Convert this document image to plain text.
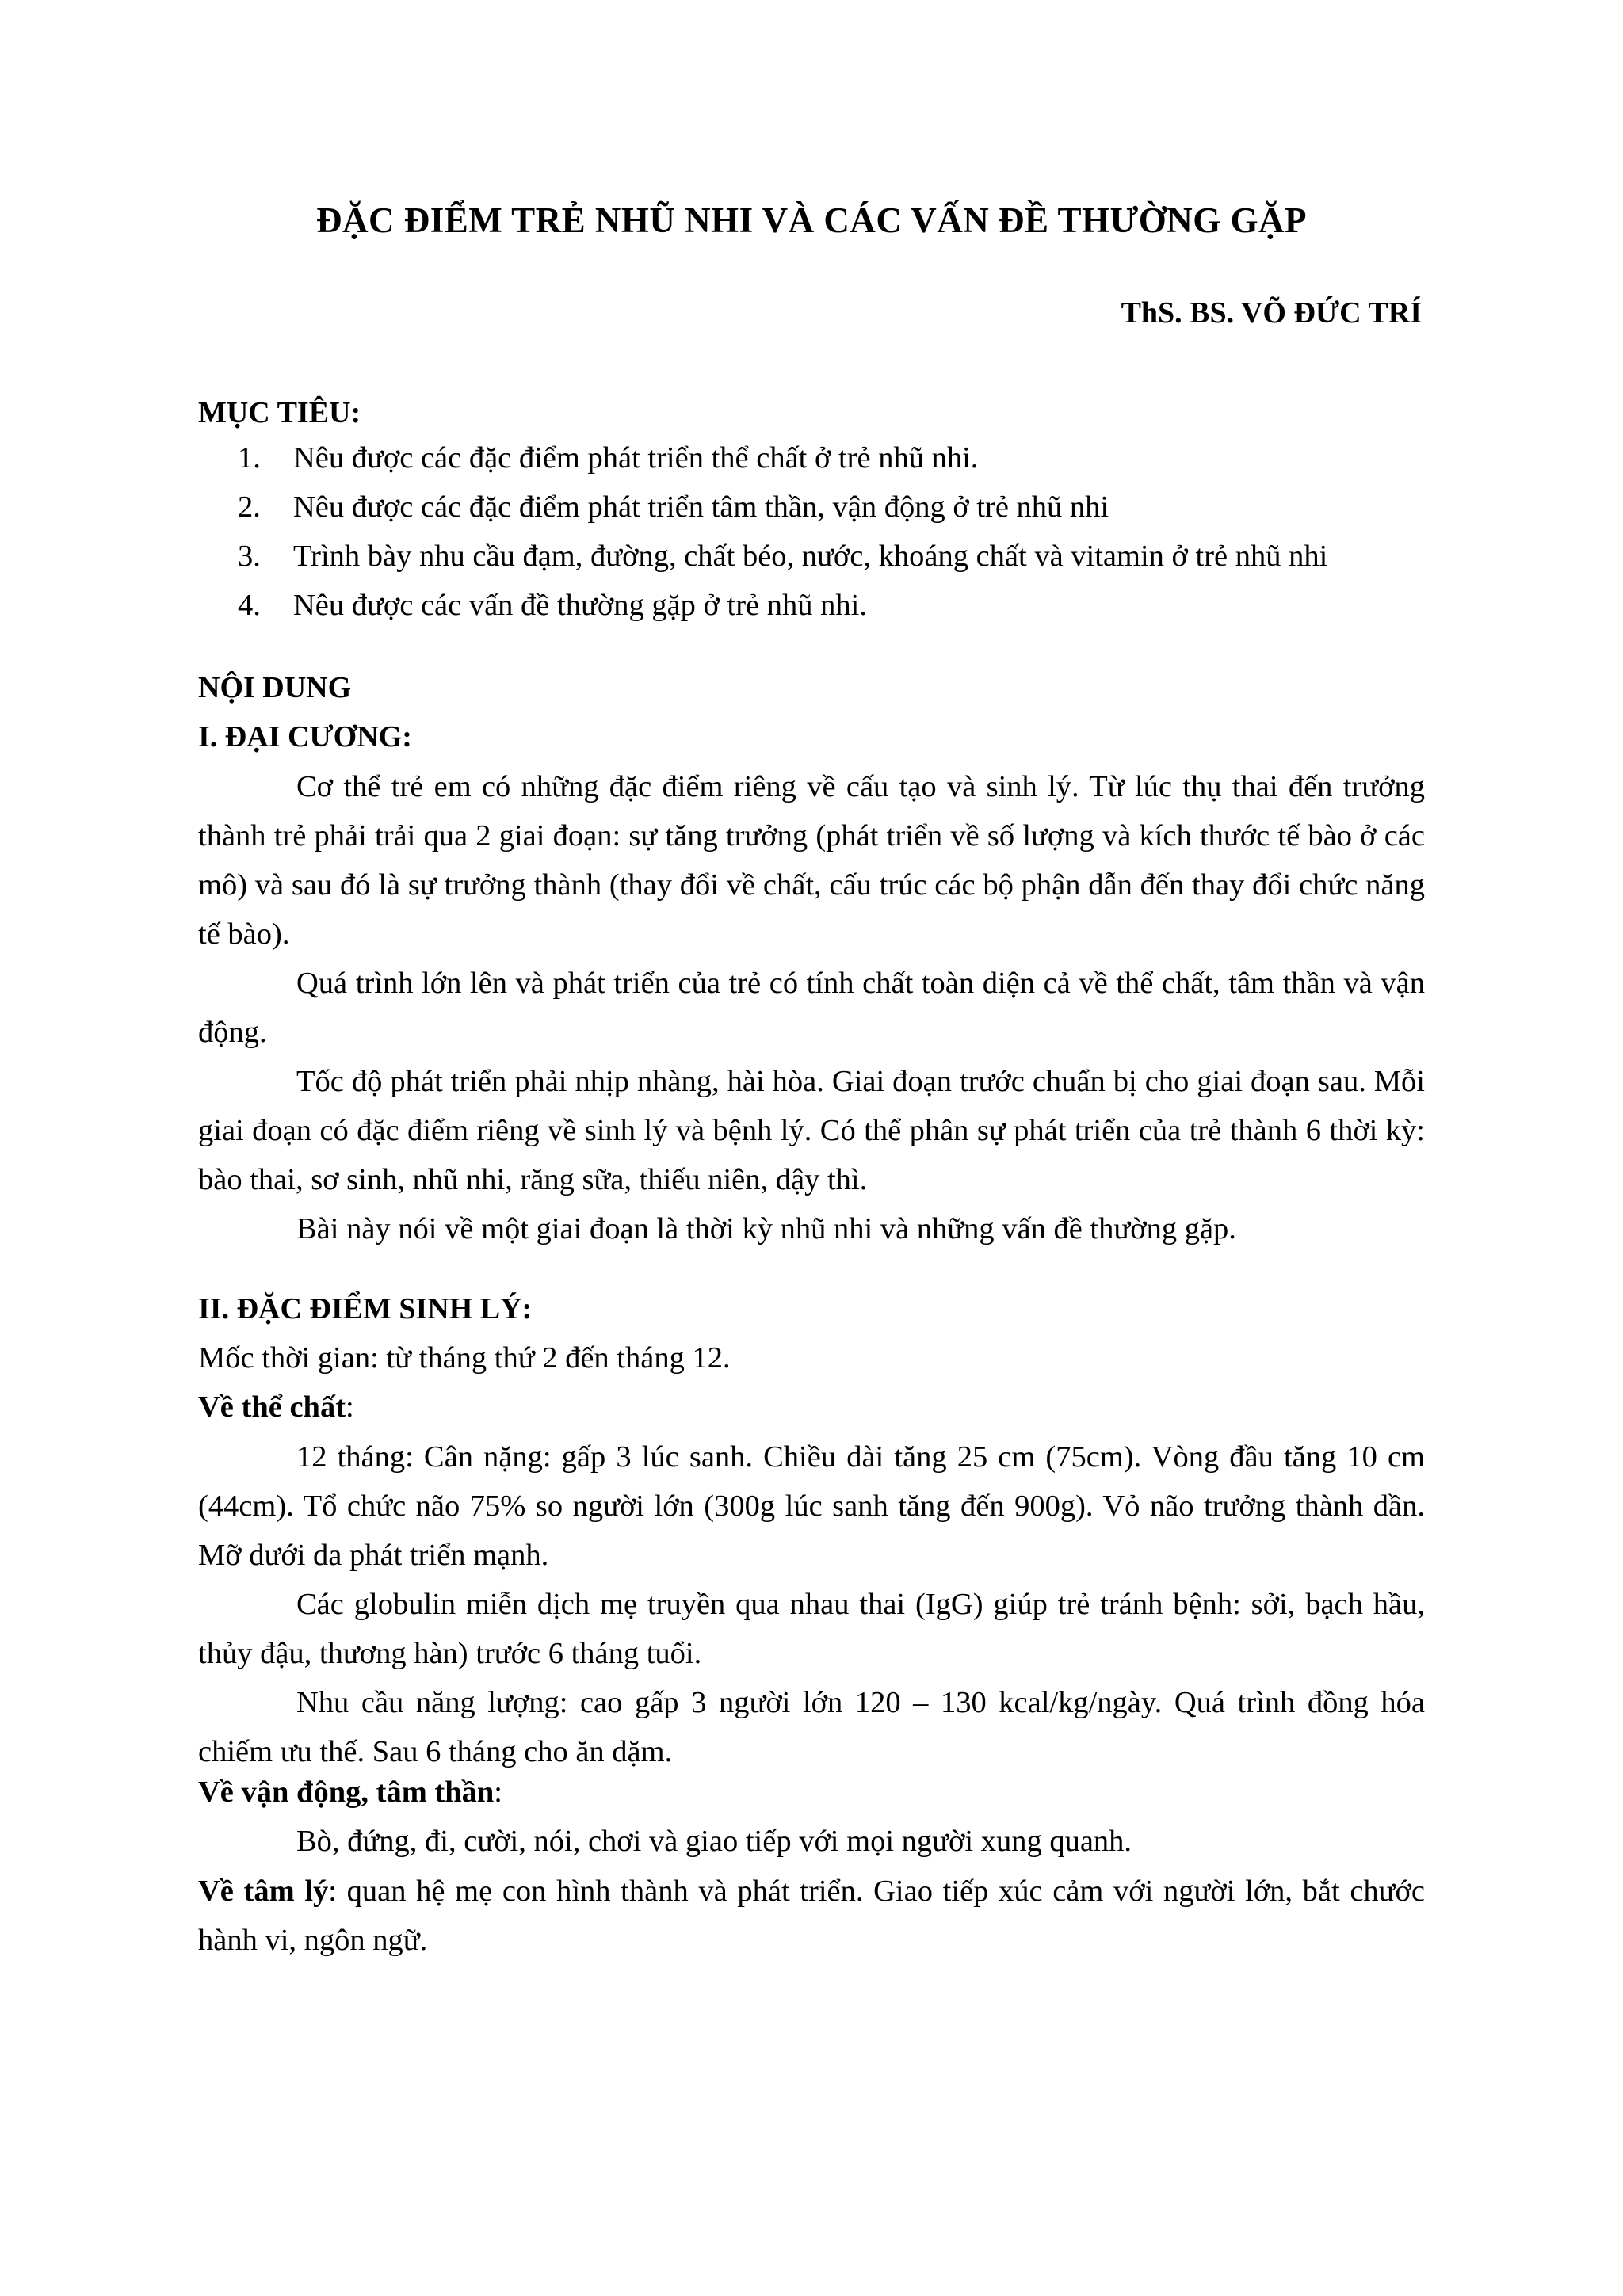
ĐẶC ĐIỂM TRẺ NHŨ NHI VÀ CÁC VẤN ĐỀ THƯỜNG GẶP
ThS. BS. VÕ ĐỨC TRÍ
MỤC TIÊU:
1. Nêu được các đặc điểm phát triển thể chất ở trẻ nhũ nhi.
2. Nêu được các đặc điểm phát triển tâm thần, vận động ở trẻ nhũ nhi
3. Trình bày nhu cầu đạm, đường, chất béo, nước, khoáng chất và vitamin ở trẻ nhũ nhi
4. Nêu được các vấn đề thường gặp ở trẻ nhũ nhi.
NỘI DUNG
I. ĐẠI CƯƠNG:

Cơ thể trẻ em có những đặc điểm riêng về cấu tạo và sinh lý. Từ lúc thụ thai đến trưởng thành trẻ phải trải qua 2 giai đoạn: sự tăng trưởng (phát triển về số lượng và kích thước tế bào ở các mô) và sau đó là sự trưởng thành (thay đổi về chất, cấu trúc các bộ phận dẫn đến thay đổi chức năng tế bào).

Quá trình lớn lên và phát triển của trẻ có tính chất toàn diện cả về thể chất, tâm thần và vận động.

Tốc độ phát triển phải nhịp nhàng, hài hòa. Giai đoạn trước chuẩn bị cho giai đoạn sau. Mỗi giai đoạn có đặc điểm riêng về sinh lý và bệnh lý. Có thể phân sự phát triển của trẻ thành 6 thời kỳ: bào thai, sơ sinh, nhũ nhi, răng sữa, thiếu niên, dậy thì.

Bài này nói về một giai đoạn là thời kỳ nhũ nhi và những vấn đề thường gặp.

II. ĐẶC ĐIỂM SINH LÝ:
Mốc thời gian: từ tháng thứ 2 đến tháng 12.
Về thể chất:

12 tháng: Cân nặng: gấp 3 lúc sanh. Chiều dài tăng 25 cm (75cm). Vòng đầu tăng 10 cm (44cm). Tổ chức não 75% so người lớn (300g lúc sanh tăng đến 900g). Vỏ não trưởng thành dần. Mỡ dưới da phát triển mạnh.

Các globulin miễn dịch mẹ truyền qua nhau thai (IgG) giúp trẻ tránh bệnh: sởi, bạch hầu, thủy đậu, thương hàn) trước 6 tháng tuổi.

Nhu cầu năng lượng: cao gấp 3 người lớn 120 – 130 kcal/kg/ngày. Quá trình đồng hóa chiếm ưu thế. Sau 6 tháng cho ăn dặm.

Về vận động, tâm thần:
Bò, đứng, đi, cười, nói, chơi và giao tiếp với mọi người xung quanh.

Về tâm lý: quan hệ mẹ con hình thành và phát triển. Giao tiếp xúc cảm với người lớn, bắt chước hành vi, ngôn ngữ.
